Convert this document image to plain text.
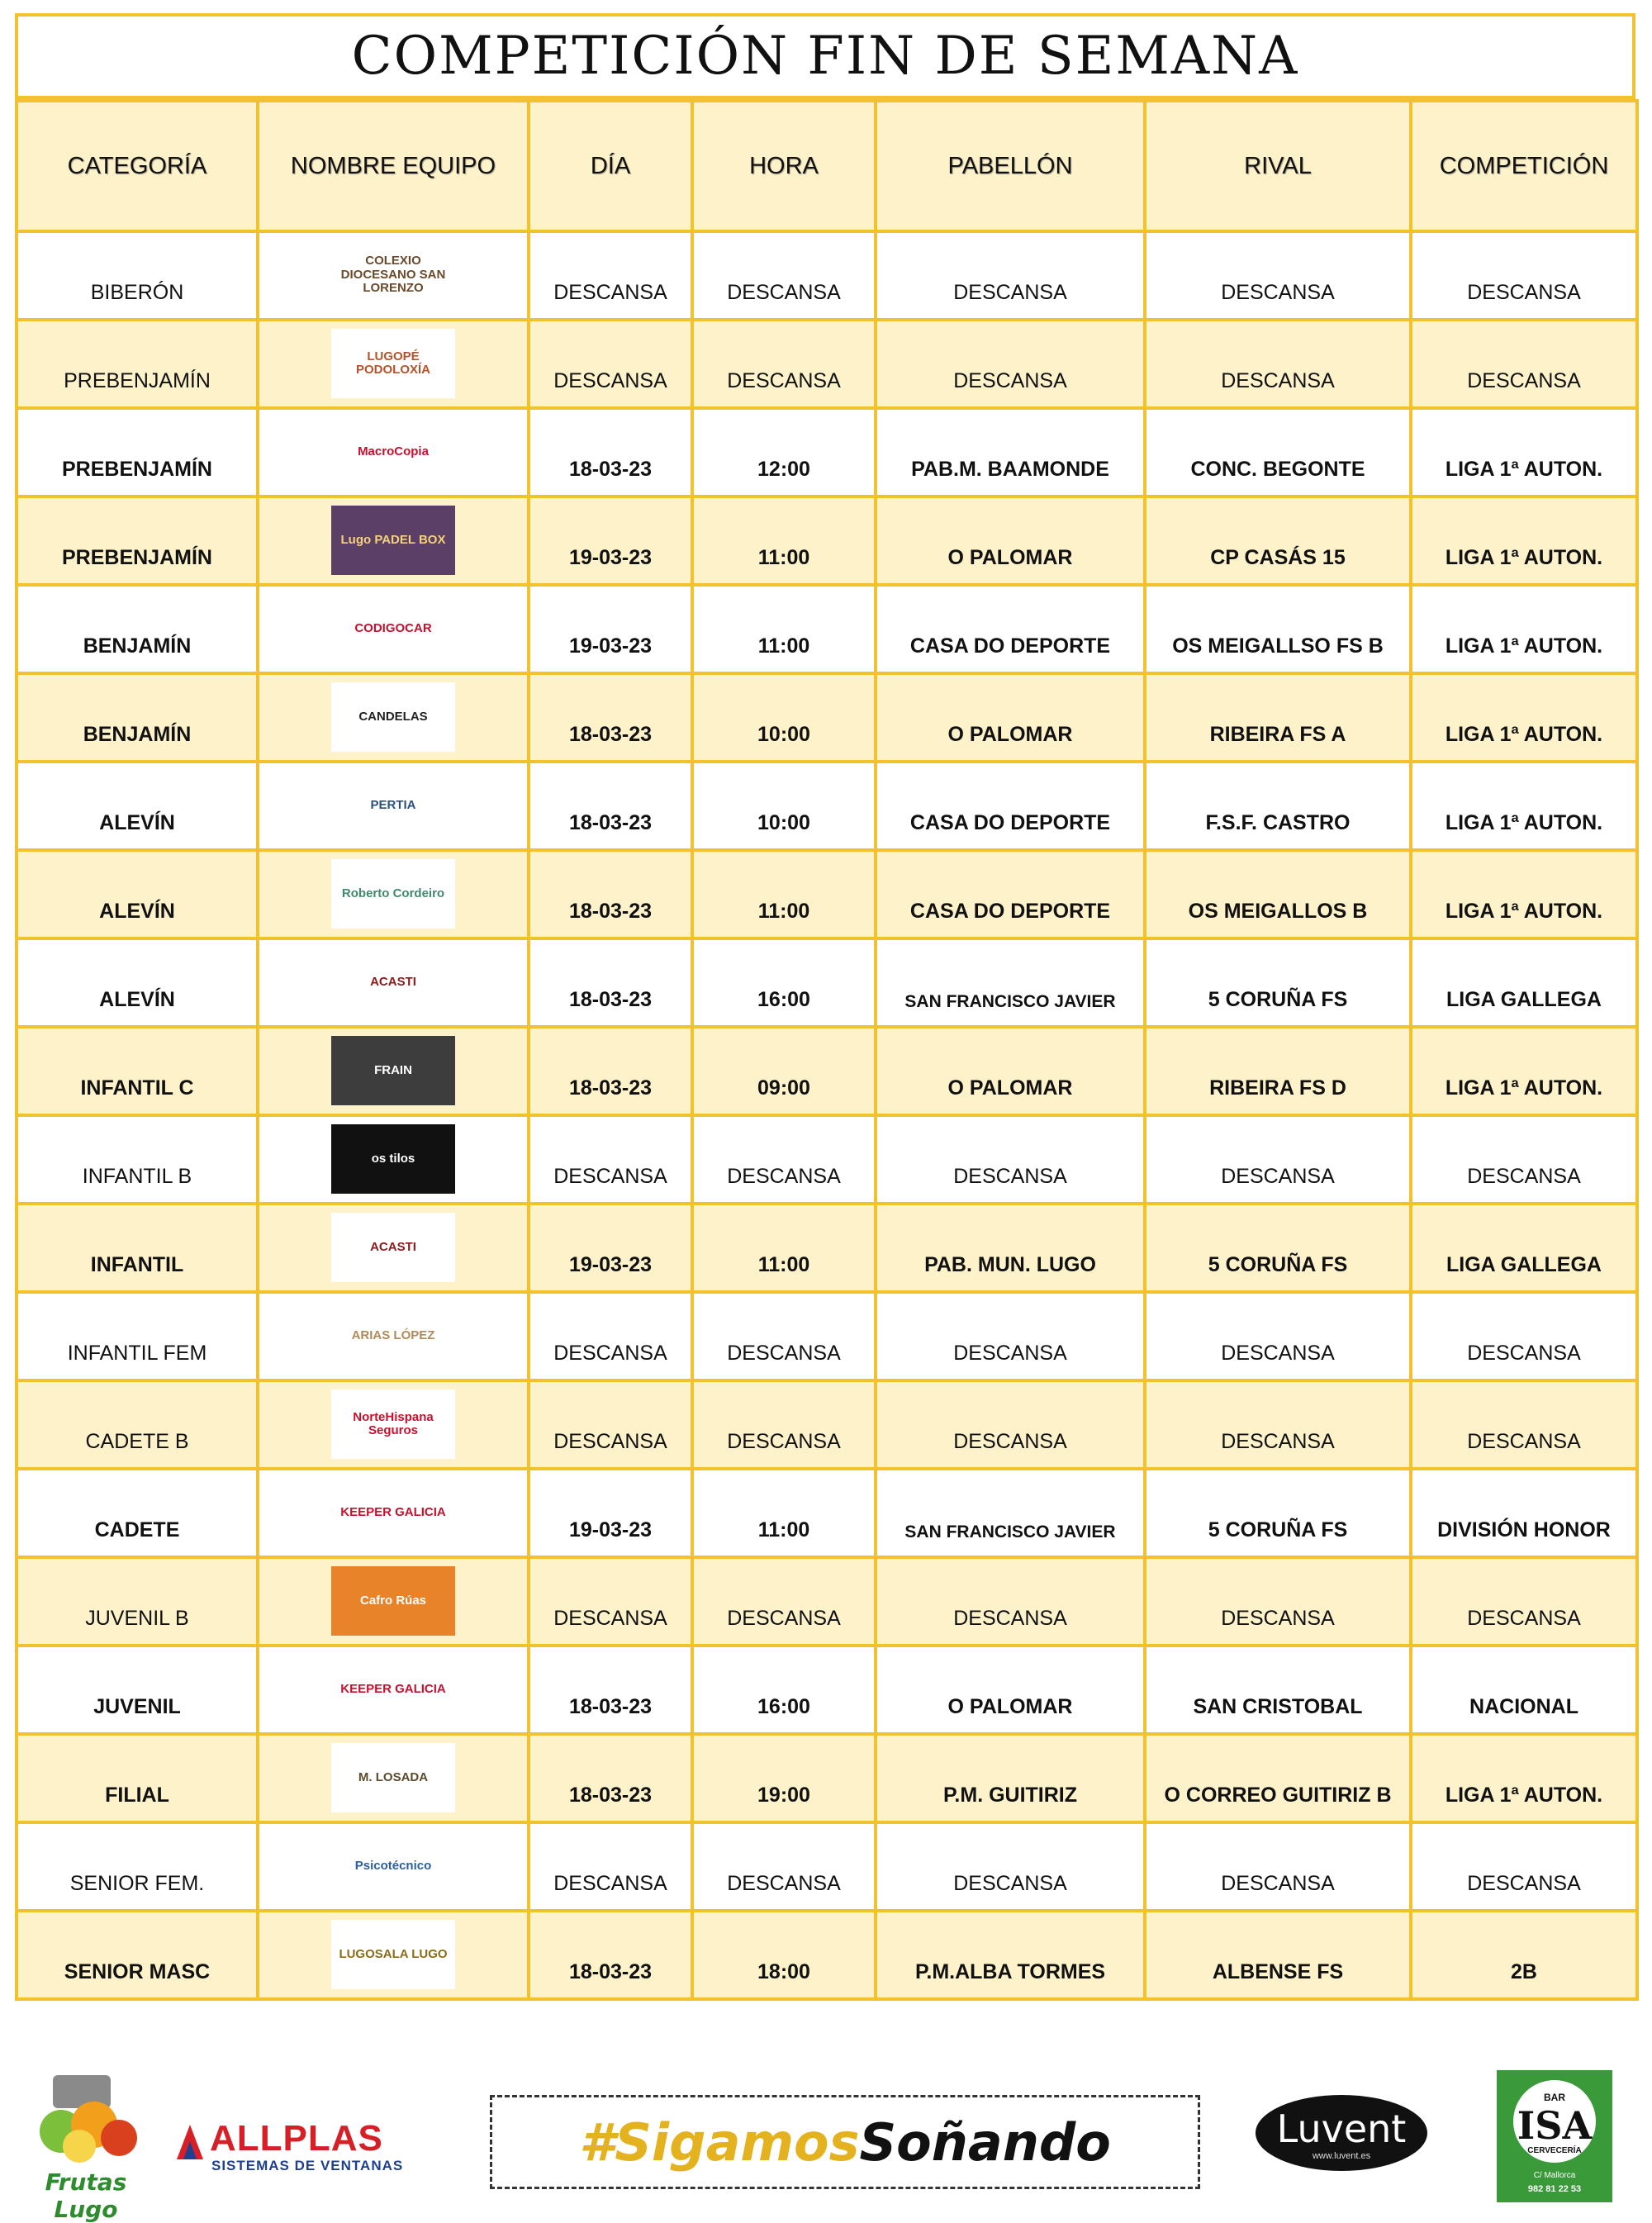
COMPETICIÓN FIN DE SEMANA
CATEGORÍA	NOMBRE EQUIPO	DÍA	HORA	PABELLÓN	RIVAL	COMPETICIÓN
BIBERÓN	COLEXIO DIOCESANO SAN LORENZO	DESCANSA	DESCANSA	DESCANSA	DESCANSA	DESCANSA
PREBENJAMÍN	LUGOPÉ PODOLOXÍA	DESCANSA	DESCANSA	DESCANSA	DESCANSA	DESCANSA
PREBENJAMÍN	MacroCopia	18-03-23	12:00	PAB.M. BAAMONDE	CONC. BEGONTE	LIGA 1ª AUTON.
PREBENJAMÍN	Lugo PADEL BOX	19-03-23	11:00	O PALOMAR	CP CASÁS 15	LIGA 1ª AUTON.
BENJAMÍN	CODIGOCAR	19-03-23	11:00	CASA DO DEPORTE	OS MEIGALLSO FS B	LIGA 1ª AUTON.
BENJAMÍN	CANDELAS	18-03-23	10:00	O PALOMAR	RIBEIRA FS A	LIGA 1ª AUTON.
ALEVÍN	PERTIA	18-03-23	10:00	CASA DO DEPORTE	F.S.F. CASTRO	LIGA 1ª AUTON.
ALEVÍN	Roberto Cordeiro	18-03-23	11:00	CASA DO DEPORTE	OS MEIGALLOS B	LIGA 1ª AUTON.
ALEVÍN	ACASTI	18-03-23	16:00	SAN FRANCISCO JAVIER	5 CORUÑA FS	LIGA GALLEGA
INFANTIL C	FRAIN	18-03-23	09:00	O PALOMAR	RIBEIRA FS D	LIGA 1ª AUTON.
INFANTIL B	os tilos	DESCANSA	DESCANSA	DESCANSA	DESCANSA	DESCANSA
INFANTIL	ACASTI	19-03-23	11:00	PAB. MUN. LUGO	5 CORUÑA FS	LIGA GALLEGA
INFANTIL FEM	ARIAS LÓPEZ	DESCANSA	DESCANSA	DESCANSA	DESCANSA	DESCANSA
CADETE B	NorteHispana Seguros	DESCANSA	DESCANSA	DESCANSA	DESCANSA	DESCANSA
CADETE	KEEPER GALICIA	19-03-23	11:00	SAN FRANCISCO JAVIER	5 CORUÑA FS	DIVISIÓN HONOR
JUVENIL B	Cafro Rúas	DESCANSA	DESCANSA	DESCANSA	DESCANSA	DESCANSA
JUVENIL	KEEPER GALICIA	18-03-23	16:00	O PALOMAR	SAN CRISTOBAL	NACIONAL
FILIAL	M. LOSADA	18-03-23	19:00	P.M. GUITIRIZ	O CORREO GUITIRIZ B	LIGA 1ª AUTON.
SENIOR FEM.	Psicotécnico	DESCANSA	DESCANSA	DESCANSA	DESCANSA	DESCANSA
SENIOR MASC	LUGOSALA LUGO	18-03-23	18:00	P.M.ALBA TORMES	ALBENSE FS	2B
Frutas Lugo
ALLPLAS
SISTEMAS DE VENTANAS	#Sigamos Soñando	Luvent
www.luvent.es
BAR
ISA
CERVECERÍA
C/ Mallorca
982 81 22 53
